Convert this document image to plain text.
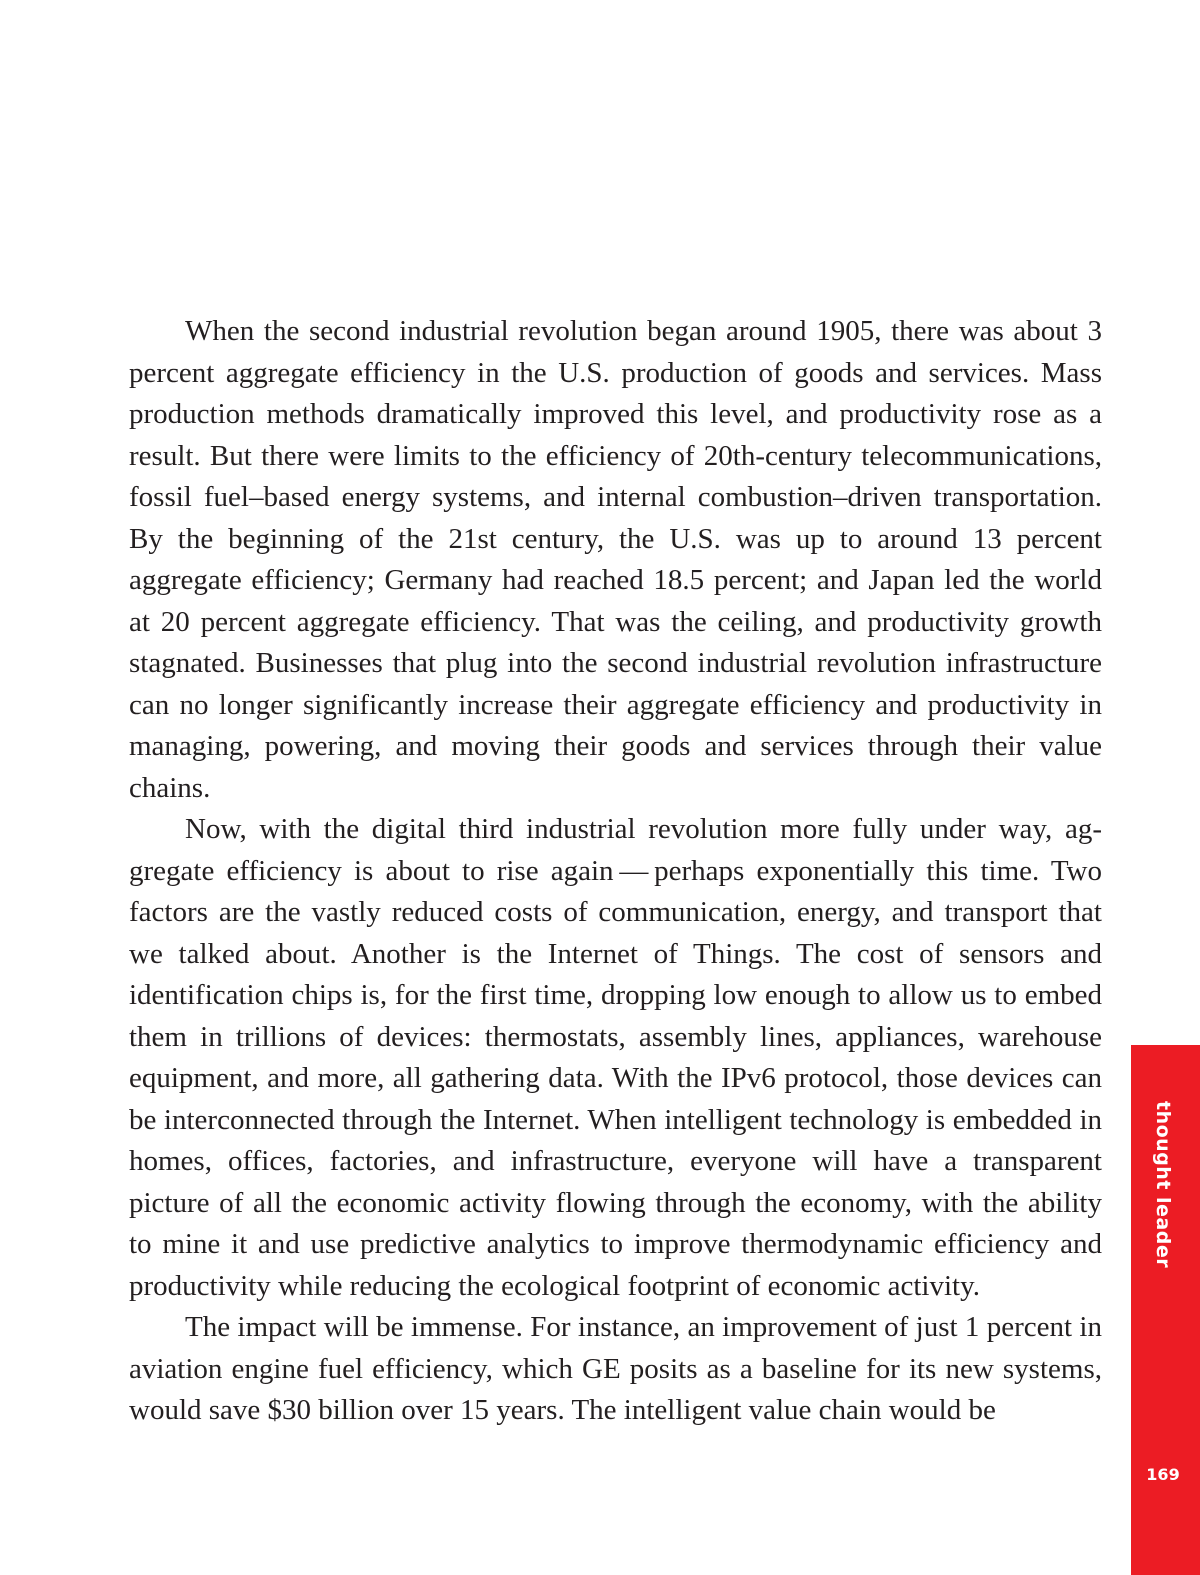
When the second industrial revolution began around 1905, there was about 3 percent aggregate efficiency in the U.S. production of goods and services. Mass production methods dramatically improved this level, and productivity rose as a result. But there were limits to the efficiency of 20th-century telecommunications, fossil fuel–based energy systems, and internal combustion–driven transportation. By the beginning of the 21st century, the U.S. was up to around 13 percent aggregate efficiency; Germany had reached 18.5 percent; and Japan led the world at 20 percent aggregate efficiency. That was the ceiling, and productivity growth stagnated. Businesses that plug into the second industrial revolution infrastructure can no longer significantly increase their aggregate efficiency and productivity in managing, powering, and moving their goods and services through their value chains.

Now, with the digital third industrial revolution more fully under way, aggregate efficiency is about to rise again — perhaps exponentially this time. Two factors are the vastly reduced costs of communication, energy, and transport that we talked about. Another is the Internet of Things. The cost of sensors and identification chips is, for the first time, dropping low enough to allow us to embed them in trillions of devices: thermostats, assembly lines, appliances, warehouse equipment, and more, all gathering data. With the IPv6 protocol, those devices can be interconnected through the Internet. When intelligent technology is embedded in homes, offices, factories, and infrastructure, everyone will have a transparent picture of all the economic activity flowing through the economy, with the ability to mine it and use predictive analytics to improve thermodynamic efficiency and productivity while reducing the ecological footprint of economic activity.

The impact will be immense. For instance, an improvement of just 1 percent in aviation engine fuel efficiency, which GE posits as a baseline for its new systems, would save $30 billion over 15 years. The intelligent value chain would be

thought leader
169
